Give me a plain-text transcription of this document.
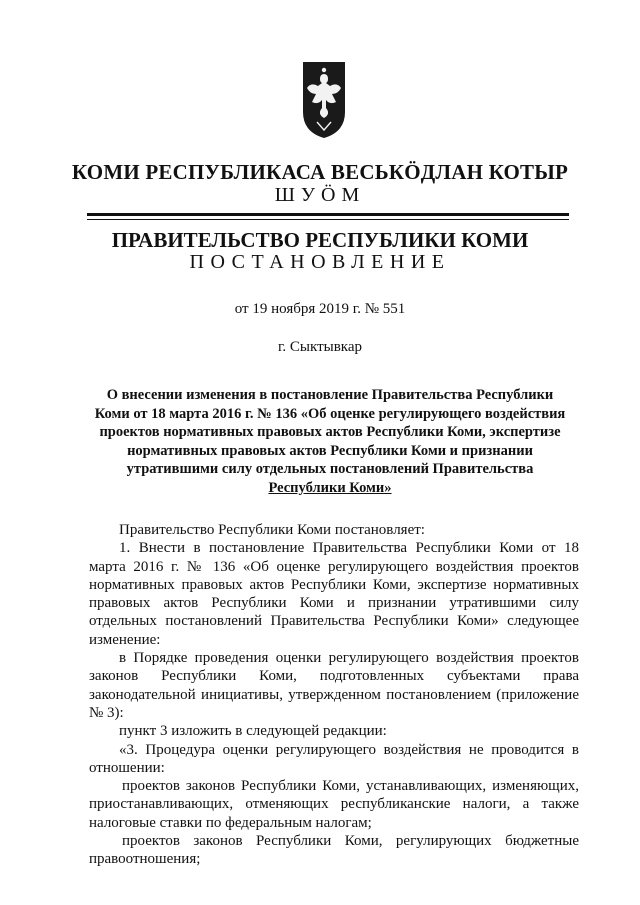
КОМИ РЕСПУБЛИКАСА ВЕСЬКÖДЛАН КОТЫР
ШУÖМ
ПРАВИТЕЛЬСТВО РЕСПУБЛИКИ КОМИ
ПОСТАНОВЛЕНИЕ
от 19 ноября 2019 г. № 551
г. Сыктывкар
О внесении изменения в постановление Правительства Республики
Коми от 18 марта 2016 г. № 136 «Об оценке регулирующего воздействия
проектов нормативных правовых актов Республики Коми, экспертизе
нормативных правовых актов Республики Коми и признании
утратившими силу отдельных постановлений Правительства
Республики Коми»

Правительство Республики Коми постановляет:

1. Внести в постановление Правительства Республики Коми от 18 марта 2016 г. № 136 «Об оценке регулирующего воздействия проектов нормативных правовых актов Республики Коми, экспертизе нормативных правовых актов Республики Коми и признании утратившими силу отдельных постановлений Правительства Республики Коми» следующее изменение:

в Порядке проведения оценки регулирующего воздействия проектов законов Республики Коми, подготовленных субъектами права законодательной инициативы, утвержденном постановлением (приложение № 3):

пункт 3 изложить в следующей редакции:

«3. Процедура оценки регулирующего воздействия не проводится в отношении:

проектов законов Республики Коми, устанавливающих, изменяющих, приостанавливающих, отменяющих республиканские налоги, а также налоговые ставки по федеральным налогам;

проектов законов Республики Коми, регулирующих бюджетные правоотношения;
